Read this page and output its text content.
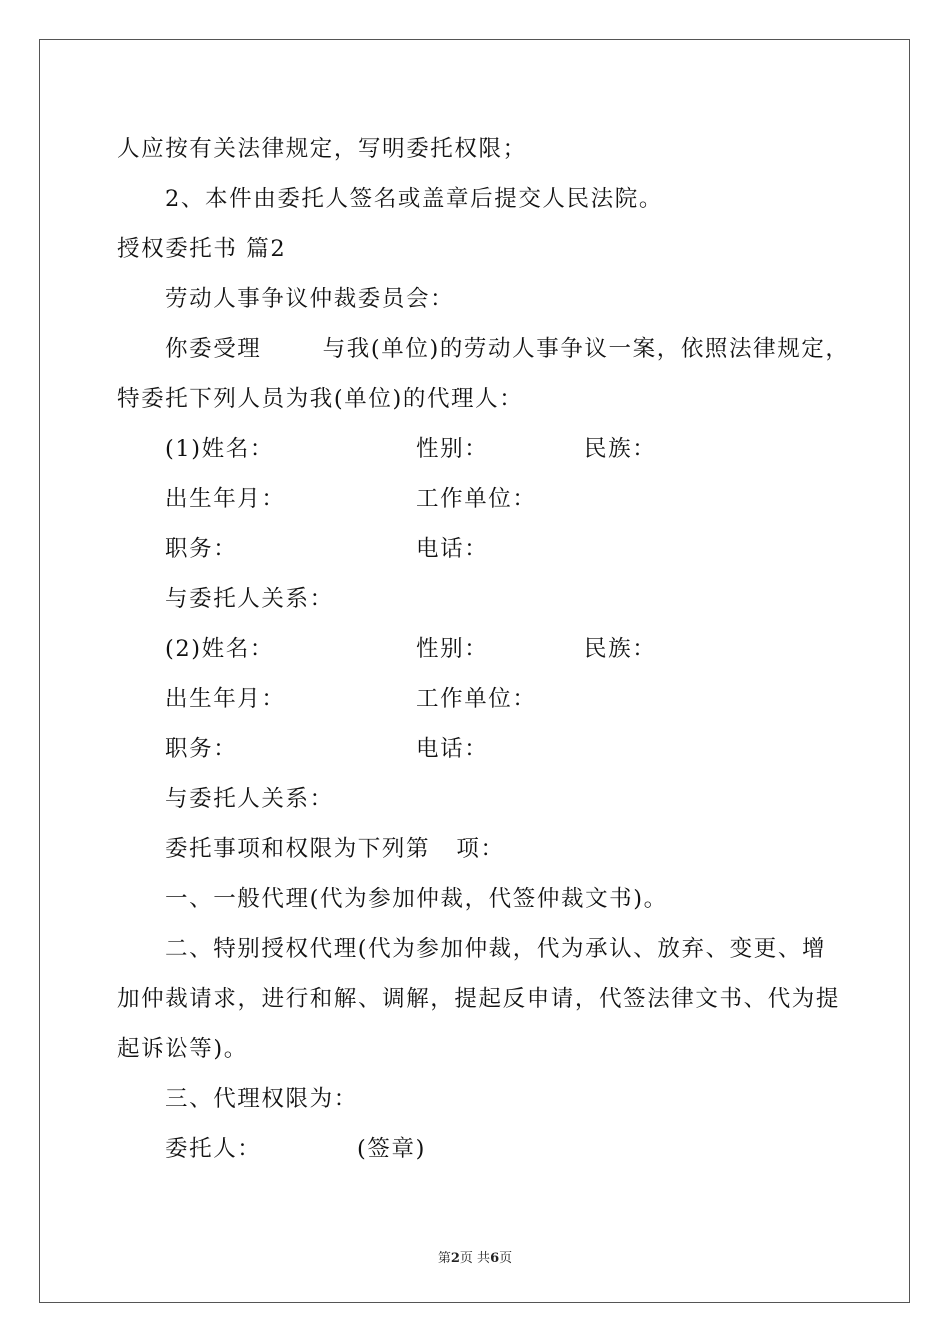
人应按有关法律规定，写明委托权限；
2、本件由委托人签名或盖章后提交人民法院。
授权委托书 篇2
劳动人事争议仲裁委员会：
你委受理       与我(单位)的劳动人事争议一案，依照法律规定，
特委托下列人员为我(单位)的代理人：
(1)姓名：	性别：	民族：
出生年月：	工作单位：
职务：	电话：
与委托人关系：
(2)姓名：	性别：	民族：
出生年月：	工作单位：
职务：	电话：
与委托人关系：
委托事项和权限为下列第   项：
一、一般代理(代为参加仲裁，代签仲裁文书)。
二、特别授权代理(代为参加仲裁，代为承认、放弃、变更、增
加仲裁请求，进行和解、调解，提起反申请，代签法律文书、代为提
起诉讼等)。
三、代理权限为：
委托人：	(签章)
第2页 共6页
